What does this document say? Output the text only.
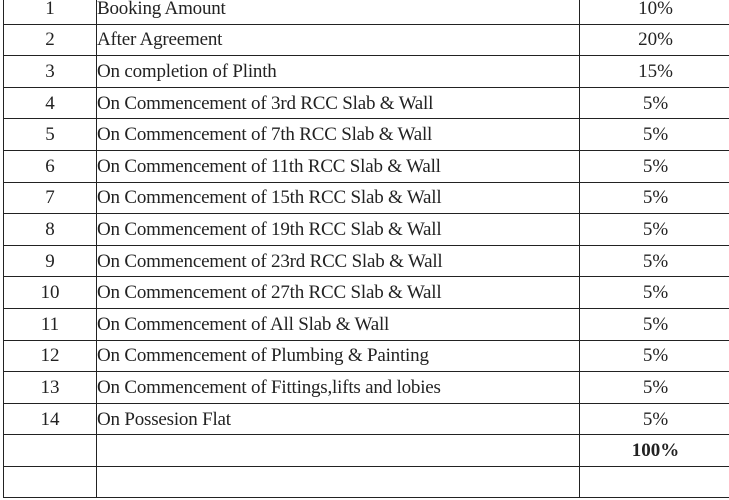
1	Booking Amount	10%
2	After Agreement	20%
3	On completion of Plinth	15%
4	On Commencement of 3rd RCC Slab & Wall	5%
5	On Commencement of 7th RCC Slab & Wall	5%
6	On Commencement of 11th RCC Slab & Wall	5%
7	On Commencement of 15th RCC Slab & Wall	5%
8	On Commencement of 19th RCC Slab & Wall	5%
9	On Commencement of 23rd RCC Slab & Wall	5%
10	On Commencement of 27th RCC Slab & Wall	5%
11	On Commencement of All Slab & Wall	5%
12	On Commencement of Plumbing & Painting	5%
13	On Commencement of Fittings,lifts and lobies	5%
14	On Possesion Flat	5%
		100%
